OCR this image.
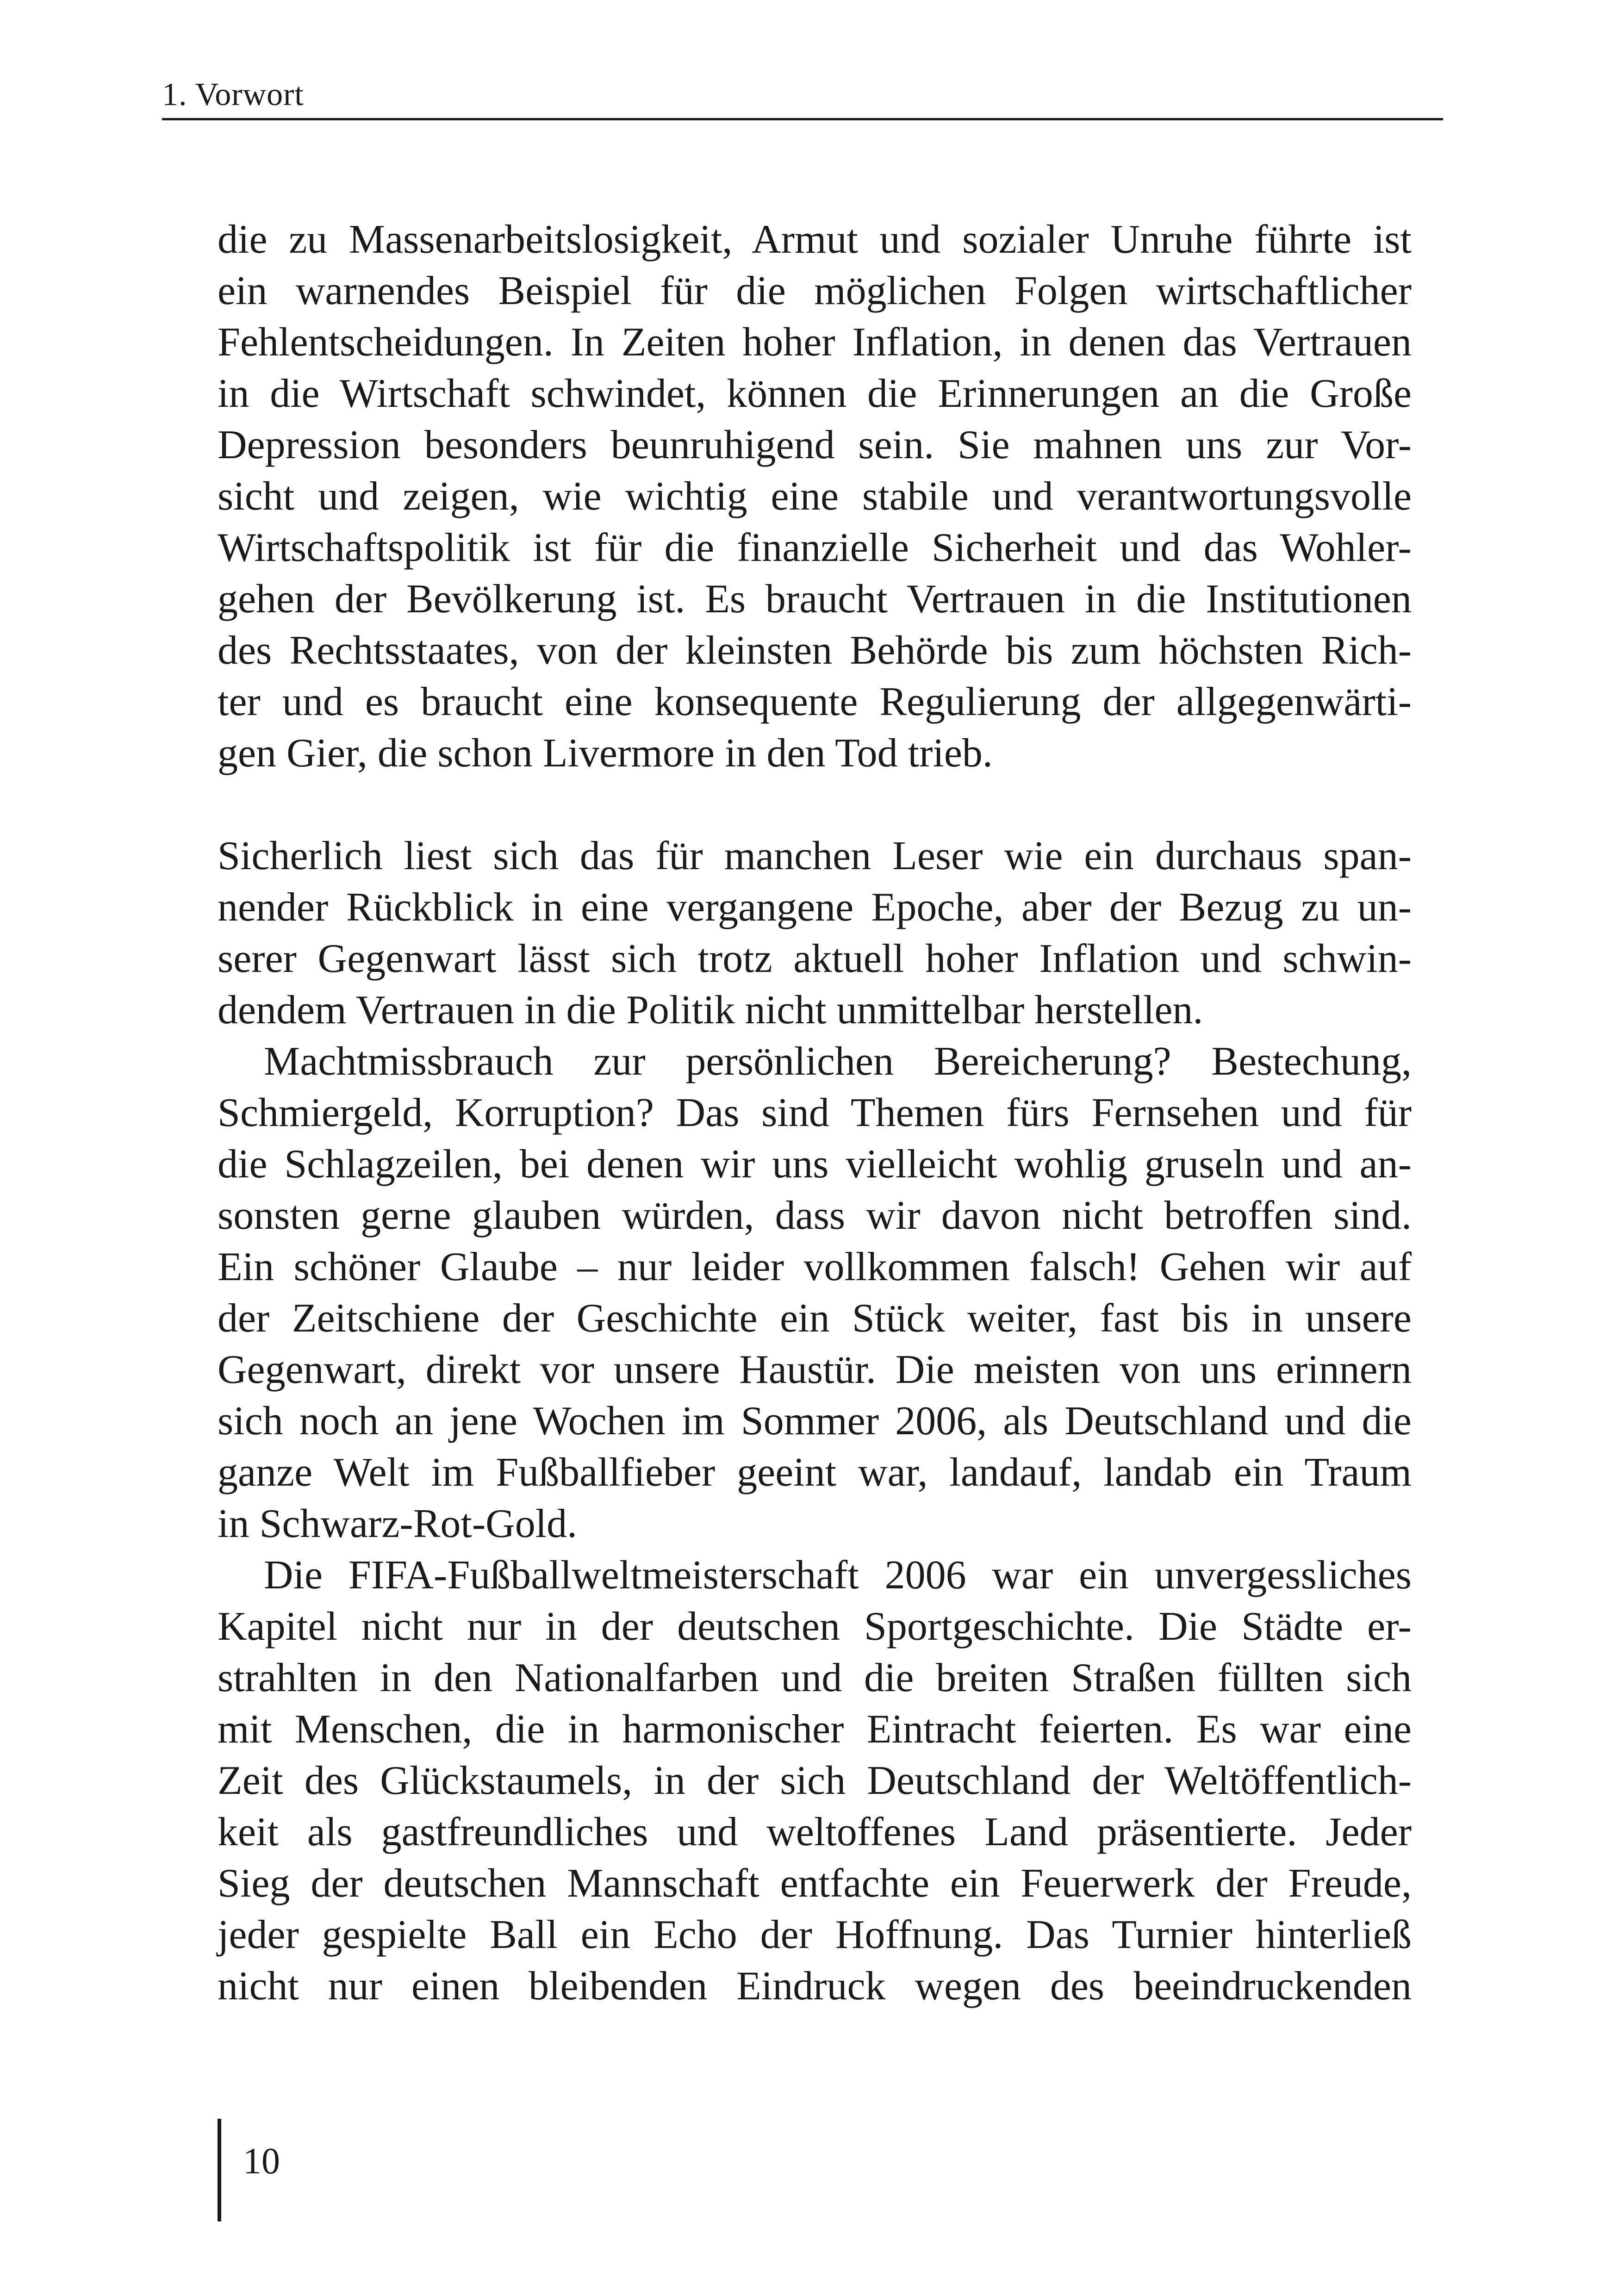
1. Vorwort
die zu Massenarbeitslosigkeit, Armut und sozialer Unruhe führte ist
ein warnendes Beispiel für die möglichen Folgen wirtschaftlicher
Fehlentscheidungen. In Zeiten hoher Inflation, in denen das Vertrauen
in die Wirtschaft schwindet, können die Erinnerungen an die Große
Depression besonders beunruhigend sein. Sie mahnen uns zur Vor-
sicht und zeigen, wie wichtig eine stabile und verantwortungsvolle
Wirtschaftspolitik ist für die finanzielle Sicherheit und das Wohler-
gehen der Bevölkerung ist. Es braucht Vertrauen in die Institutionen
des Rechtsstaates, von der kleinsten Behörde bis zum höchsten Rich-
ter und es braucht eine konsequente Regulierung der allgegenwärti-
gen Gier, die schon Livermore in den Tod trieb.
Sicherlich liest sich das für manchen Leser wie ein durchaus span-
nender Rückblick in eine vergangene Epoche, aber der Bezug zu un-
serer Gegenwart lässt sich trotz aktuell hoher Inflation und schwin-
dendem Vertrauen in die Politik nicht unmittelbar herstellen.
Machtmissbrauch zur persönlichen Bereicherung? Bestechung,
Schmiergeld, Korruption? Das sind Themen fürs Fernsehen und für
die Schlagzeilen, bei denen wir uns vielleicht wohlig gruseln und an-
sonsten gerne glauben würden, dass wir davon nicht betroffen sind.
Ein schöner Glaube – nur leider vollkommen falsch! Gehen wir auf
der Zeitschiene der Geschichte ein Stück weiter, fast bis in unsere
Gegenwart, direkt vor unsere Haustür. Die meisten von uns erinnern
sich noch an jene Wochen im Sommer 2006, als Deutschland und die
ganze Welt im Fußballfieber geeint war, landauf, landab ein Traum
in Schwarz-Rot-Gold.
Die FIFA-Fußballweltmeisterschaft 2006 war ein unvergessliches
Kapitel nicht nur in der deutschen Sportgeschichte. Die Städte er-
strahlten in den Nationalfarben und die breiten Straßen füllten sich
mit Menschen, die in harmonischer Eintracht feierten. Es war eine
Zeit des Glückstaumels, in der sich Deutschland der Weltöffentlich-
keit als gastfreundliches und weltoffenes Land präsentierte. Jeder
Sieg der deutschen Mannschaft entfachte ein Feuerwerk der Freude,
jeder gespielte Ball ein Echo der Hoffnung. Das Turnier hinterließ
nicht nur einen bleibenden Eindruck wegen des beeindruckenden
10
